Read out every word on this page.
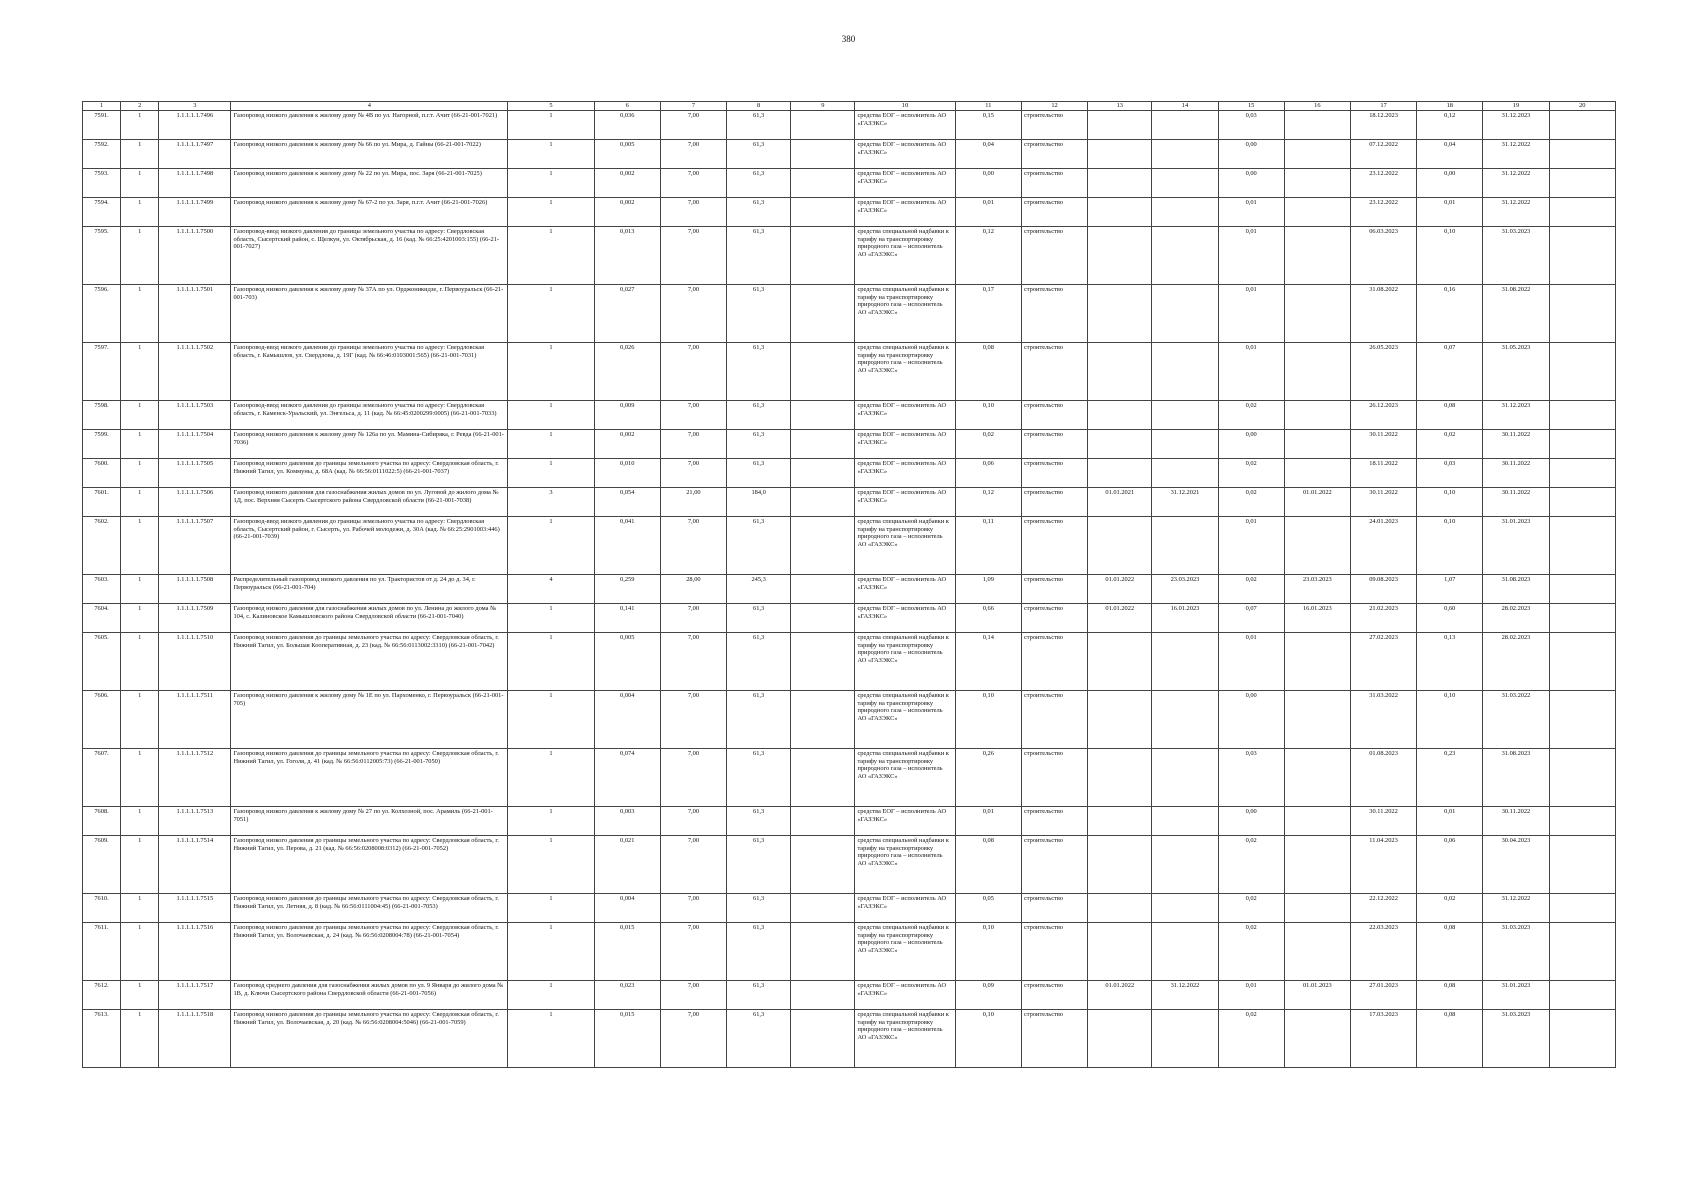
380
1	2	3	4	5	6	7	8	9	10	11	12	13	14	15	16	17	18	19	20
7591.	1	1.1.1.1.1.7496	Газопровод низкого давления к жилому дому № 4В по ул. Нагорной, п.г.т. Ачит (66-21-001-7021)	1	0,036	7,00	61,3		средства ЕОГ – исполнитель АО «ГАЗЭКС»	0,15	строительство			0,03		18.12.2023	0,12	31.12.2023	
7592.	1	1.1.1.1.1.7497	Газопровод низкого давления к жилому дому № 66 по ул. Мира, д. Гайны (66-21-001-7022)	1	0,005	7,00	61,3		средства ЕОГ – исполнитель АО «ГАЗЭКС»	0,04	строительство			0,00		07.12.2022	0,04	31.12.2022	
7593.	1	1.1.1.1.1.7498	Газопровод низкого давления к жилому дому № 22 по ул. Мира, пос. Заря (66-21-001-7025)	1	0,002	7,00	61,3		средства ЕОГ – исполнитель АО «ГАЗЭКС»	0,00	строительство			0,00		23.12.2022	0,00	31.12.2022	
7594.	1	1.1.1.1.1.7499	Газопровод низкого давления к жилому дому № 67-2 по ул. Заря, п.г.т. Ачит (66-21-001-7026)	1	0,002	7,00	61,3		средства ЕОГ – исполнитель АО «ГАЗЭКС»	0,01	строительство			0,01		23.12.2022	0,01	31.12.2022	
7595.	1	1.1.1.1.1.7500	Газопровод-ввод низкого давления до границы земельного участка по адресу: Свердловская область, Сысертский район, с. Щелкун, ул. Октябрьская, д. 16 (кад. № 66:25:4201003:155) (66-21-001-7027)	1	0,013	7,00	61,3		средства специальной надбавки к тарифу на транспортировку природного газа – исполнитель АО «ГАЗЭКС»	0,12	строительство			0,01		06.03.2023	0,10	31.03.2023	
7596.	1	1.1.1.1.1.7501	Газопровод низкого давления к жилому дому № 37А по ул. Орджоникидзе, г. Первоуральск (66-21-001-703)	1	0,027	7,00	61,3		средства специальной надбавки к тарифу на транспортировку природного газа – исполнитель АО «ГАЗЭКС»	0,17	строительство			0,01		31.08.2022	0,16	31.08.2022	
7597.	1	1.1.1.1.1.7502	Газопровод-ввод низкого давления до границы земельного участка по адресу: Свердловская область, г. Камышлов, ул. Свердлова, д. 19Г (кад. № 66:46:0103001:565) (66-21-001-7031)	1	0,026	7,00	61,3		средства специальной надбавки к тарифу на транспортировку природного газа – исполнитель АО «ГАЗЭКС»	0,08	строительство			0,01		26.05.2023	0,07	31.05.2023	
7598.	1	1.1.1.1.1.7503	Газопровод-ввод низкого давления до границы земельного участка по адресу: Свердловская область, г. Каменск-Уральский, ул. Энгельса, д. 11 (кад. № 66:45:0200299:0005) (66-21-001-7033)	1	0,009	7,00	61,3		средства ЕОГ – исполнитель АО «ГАЗЭКС»	0,10	строительство			0,02		26.12.2023	0,08	31.12.2023	
7599.	1	1.1.1.1.1.7504	Газопровод низкого давления к жилому дому № 126а по ул. Мамина-Сибиряка, г. Ревда (66-21-001-7036)	1	0,002	7,00	61,3		средства ЕОГ – исполнитель АО «ГАЗЭКС»	0,02	строительство			0,00		30.11.2022	0,02	30.11.2022	
7600.	1	1.1.1.1.1.7505	Газопровод низкого давления до границы земельного участка по адресу: Свердловская область, г. Нижний Тагил, ул. Коммуны, д. 68А (кад. № 66:56:0111022:5) (66-21-001-7037)	1	0,010	7,00	61,3		средства ЕОГ – исполнитель АО «ГАЗЭКС»	0,06	строительство			0,02		18.11.2022	0,03	30.11.2022	
7601.	1	1.1.1.1.1.7506	Газопровод низкого давления для газоснабжения жилых домов по ул. Луговой до жилого дома № 1Д, пос. Верхняя Сысерть Сысертского района Свердловской области (66-21-001-7038)	3	0,054	21,00	184,0		средства ЕОГ – исполнитель АО «ГАЗЭКС»	0,12	строительство	01.01.2021	31.12.2021	0,02	01.01.2022	30.11.2022	0,10	30.11.2022	
7602.	1	1.1.1.1.1.7507	Газопровод-ввод низкого давления до границы земельного участка по адресу: Свердловская область, Сысертский район, г. Сысерть, ул. Рабочей молодежи, д. 30А (кад. № 66:25:2901003:446) (66-21-001-7039)	1	0,041	7,00	61,3		средства специальной надбавки к тарифу на транспортировку природного газа – исполнитель АО «ГАЗЭКС»	0,11	строительство			0,01		24.01.2023	0,10	31.01.2023	
7603.	1	1.1.1.1.1.7508	Распределительный газопровод низкого давления по ул. Трактористов от д. 24 до д. 34, г. Первоуральск (66-21-001-704)	4	0,259	28,00	245,3		средства ЕОГ – исполнитель АО «ГАЗЭКС»	1,09	строительство	01.01.2022	23.03.2023	0,02	23.03.2023	09.08.2023	1,07	31.08.2023	
7604.	1	1.1.1.1.1.7509	Газопровод низкого давления для газоснабжения жилых домов по ул. Ленина до жилого дома № 104, с. Калиновское Камышловского района Свердловской области (66-21-001-7040)	1	0,141	7,00	61,3		средства ЕОГ – исполнитель АО «ГАЗЭКС»	0,66	строительство	01.01.2022	16.01.2023	0,07	16.01.2023	21.02.2023	0,60	28.02.2023	
7605.	1	1.1.1.1.1.7510	Газопровод низкого давления до границы земельного участка по адресу: Свердловская область, г. Нижний Тагил, ул. Большая Кооперативная, д. 23 (кад. № 66:56:0113002:3310) (66-21-001-7042)	1	0,005	7,00	61,3		средства специальной надбавки к тарифу на транспортировку природного газа – исполнитель АО «ГАЗЭКС»	0,14	строительство			0,01		27.02.2023	0,13	28.02.2023	
7606.	1	1.1.1.1.1.7511	Газопровод низкого давления к жилому дому № 1Е по ул. Пархоменко, г. Первоуральск (66-21-001-705)	1	0,004	7,00	61,3		средства специальной надбавки к тарифу на транспортировку природного газа – исполнитель АО «ГАЗЭКС»	0,10	строительство			0,00		31.03.2022	0,10	31.03.2022	
7607.	1	1.1.1.1.1.7512	Газопровод низкого давления до границы земельного участка по адресу: Свердловская область, г. Нижний Тагил, ул. Гоголя, д. 41 (кад. № 66:56:0112005:73) (66-21-001-7050)	1	0,074	7,00	61,3		средства специальной надбавки к тарифу на транспортировку природного газа – исполнитель АО «ГАЗЭКС»	0,26	строительство			0,03		01.08.2023	0,23	31.08.2023	
7608.	1	1.1.1.1.1.7513	Газопровод низкого давления к жилому дому № 27 по ул. Колхозной, пос. Арамиль (66-21-001-7051)	1	0,003	7,00	61,3		средства ЕОГ – исполнитель АО «ГАЗЭКС»	0,01	строительство			0,00		30.11.2022	0,01	30.11.2022	
7609.	1	1.1.1.1.1.7514	Газопровод низкого давления до границы земельного участка по адресу: Свердловская область, г. Нижний Тагил, ул. Перова, д. 21 (кад. № 66:56:0208008:0312) (66-21-001-7052)	1	0,021	7,00	61,3		средства специальной надбавки к тарифу на транспортировку природного газа – исполнитель АО «ГАЗЭКС»	0,08	строительство			0,02		11.04.2023	0,06	30.04.2023	
7610.	1	1.1.1.1.1.7515	Газопровод низкого давления до границы земельного участка по адресу: Свердловская область, г. Нижний Тагил, ул. Летняя, д. 8 (кад. № 66:56:0111004:45) (66-21-001-7053)	1	0,004	7,00	61,3		средства ЕОГ – исполнитель АО «ГАЗЭКС»	0,05	строительство			0,02		22.12.2022	0,02	31.12.2022	
7611.	1	1.1.1.1.1.7516	Газопровод низкого давления до границы земельного участка по адресу: Свердловская область, г. Нижний Тагил, ул. Волочаевская, д. 24 (кад. № 66:56:0208004:78) (66-21-001-7054)	1	0,015	7,00	61,3		средства специальной надбавки к тарифу на транспортировку природного газа – исполнитель АО «ГАЗЭКС»	0,10	строительство			0,02		22.03.2023	0,08	31.03.2023	
7612.	1	1.1.1.1.1.7517	Газопровод среднего давления для газоснабжения жилых домов по ул. 9 Января до жилого дома № 1В, д. Ключи Сысертского района Свердловской области (66-21-001-7056)	1	0,023	7,00	61,3		средства ЕОГ – исполнитель АО «ГАЗЭКС»	0,09	строительство	01.01.2022	31.12.2022	0,01	01.01.2023	27.01.2023	0,08	31.01.2023	
7613.	1	1.1.1.1.1.7518	Газопровод низкого давления до границы земельного участка по адресу: Свердловская область, г. Нижний Тагил, ул. Волочаевская, д. 20 (кад. № 66:56:0208004:5046) (66-21-001-7059)	1	0,015	7,00	61,3		средства специальной надбавки к тарифу на транспортировку природного газа – исполнитель АО «ГАЗЭКС»	0,10	строительство			0,02		17.03.2023	0,08	31.03.2023	
